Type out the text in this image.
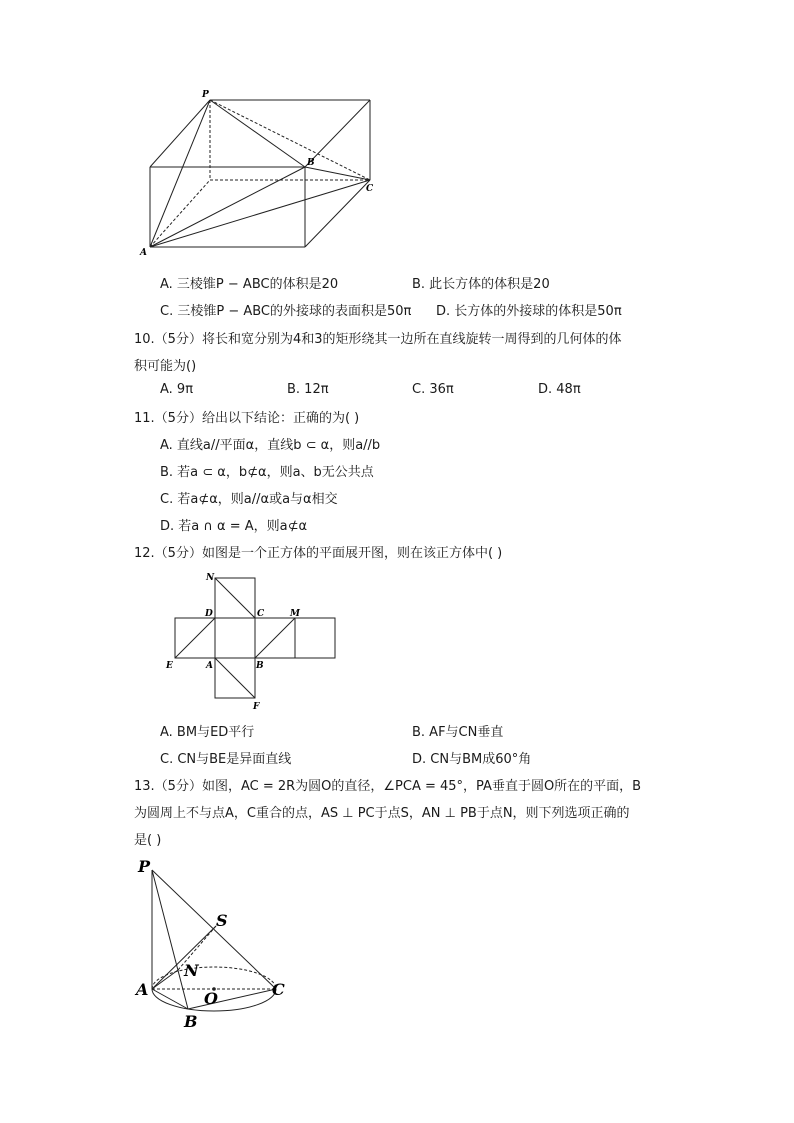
P
B
C
A
A. 三棱锥P − ABC的体积是20	B. 此长方体的体积是20
C. 三棱锥P − ABC的外接球的表面积是50π D. 长方体的外接球的体积是50π
10.（5分）将长和宽分别为4和3的矩形绕其一边所在直线旋转一周得到的几何体的体
积可能为()
A. 9π	B. 12π	C. 36π	D. 48π
11.（5分）给出以下结论：正确的为( )
A. 直线a//平面α，直线b ⊂ α，则a//b
B. 若a ⊂ α，b⊄α，则a、b无公共点
C. 若a⊄α，则a//α或a与α相交
D. 若a ∩ α = A，则a⊄α
12.（5分）如图是一个正方体的平面展开图，则在该正方体中( )
N
D	C	M
E	A	B
F
A. BM与ED平行	B. AF与CN垂直
C. CN与BE是异面直线	D. CN与BM成60°角
13.（5分）如图，AC = 2R为圆O的直径，∠PCA = 45°，PA垂直于圆O所在的平面，B
为圆周上不与点A，C重合的点，AS ⊥ PC于点S，AN ⊥ PB于点N，则下列选项正确的
是( )
P
S
N
A	O	C
B
